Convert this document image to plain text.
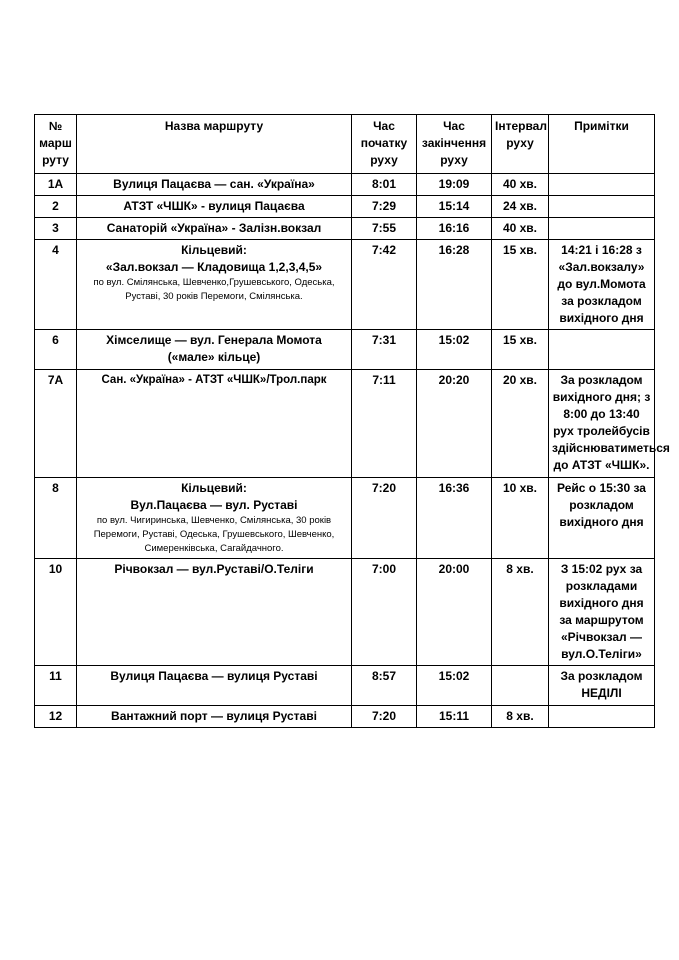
№
марш
руту	Назва маршруту	Час
початку
руху	Час
закінчення
руху	Інтервал
руху	Примітки
1А	Вулиця Пацаєва — сан. «Україна»	8:01	19:09	40 хв.	
2	АТЗТ «ЧШК» - вулиця Пацаєва	7:29	15:14	24 хв.	
3	Санаторій «Україна» - Залізн.вокзал	7:55	16:16	40 хв.	
4	Кільцевий:
«Зал.вокзал — Кладовища 1,2,3,4,5»
по вул. Смілянська, Шевченко,Грушевського, Одеська, Руставі, 30 років Перемоги, Смілянська.	7:42	16:28	15 хв.	14:21 і 16:28 з «Зал.вокзалу» до вул.Момота за розкладом вихідного дня
6	Хімселище — вул. Генерала Момота
(«мале» кільце)	7:31	15:02	15 хв.	
7А	Сан. «Україна» - АТЗТ «ЧШК»/Трол.парк	7:11	20:20	20 хв.	За розкладом вихідного дня; з 8:00 до 13:40 рух тролейбусів здійснюватиметься до АТЗТ «ЧШК».
8	Кільцевий:
Вул.Пацаєва — вул. Руставі
по вул. Чигиринська, Шевченко, Смілянська, 30 років Перемоги, Руставі, Одеська, Грушевського, Шевченко, Симеренківська, Сагайдачного.	7:20	16:36	10 хв.	Рейс о 15:30 за розкладом вихідного дня
10	Річвокзал — вул.Руставі/О.Теліги	7:00	20:00	8 хв.	З 15:02 рух за розкладами вихідного дня за маршрутом «Річвокзал — вул.О.Теліги»
11	Вулиця Пацаєва — вулиця Руставі	8:57	15:02		За розкладом НЕДІЛІ
12	Вантажний порт — вулиця Руставі	7:20	15:11	8 хв.	
